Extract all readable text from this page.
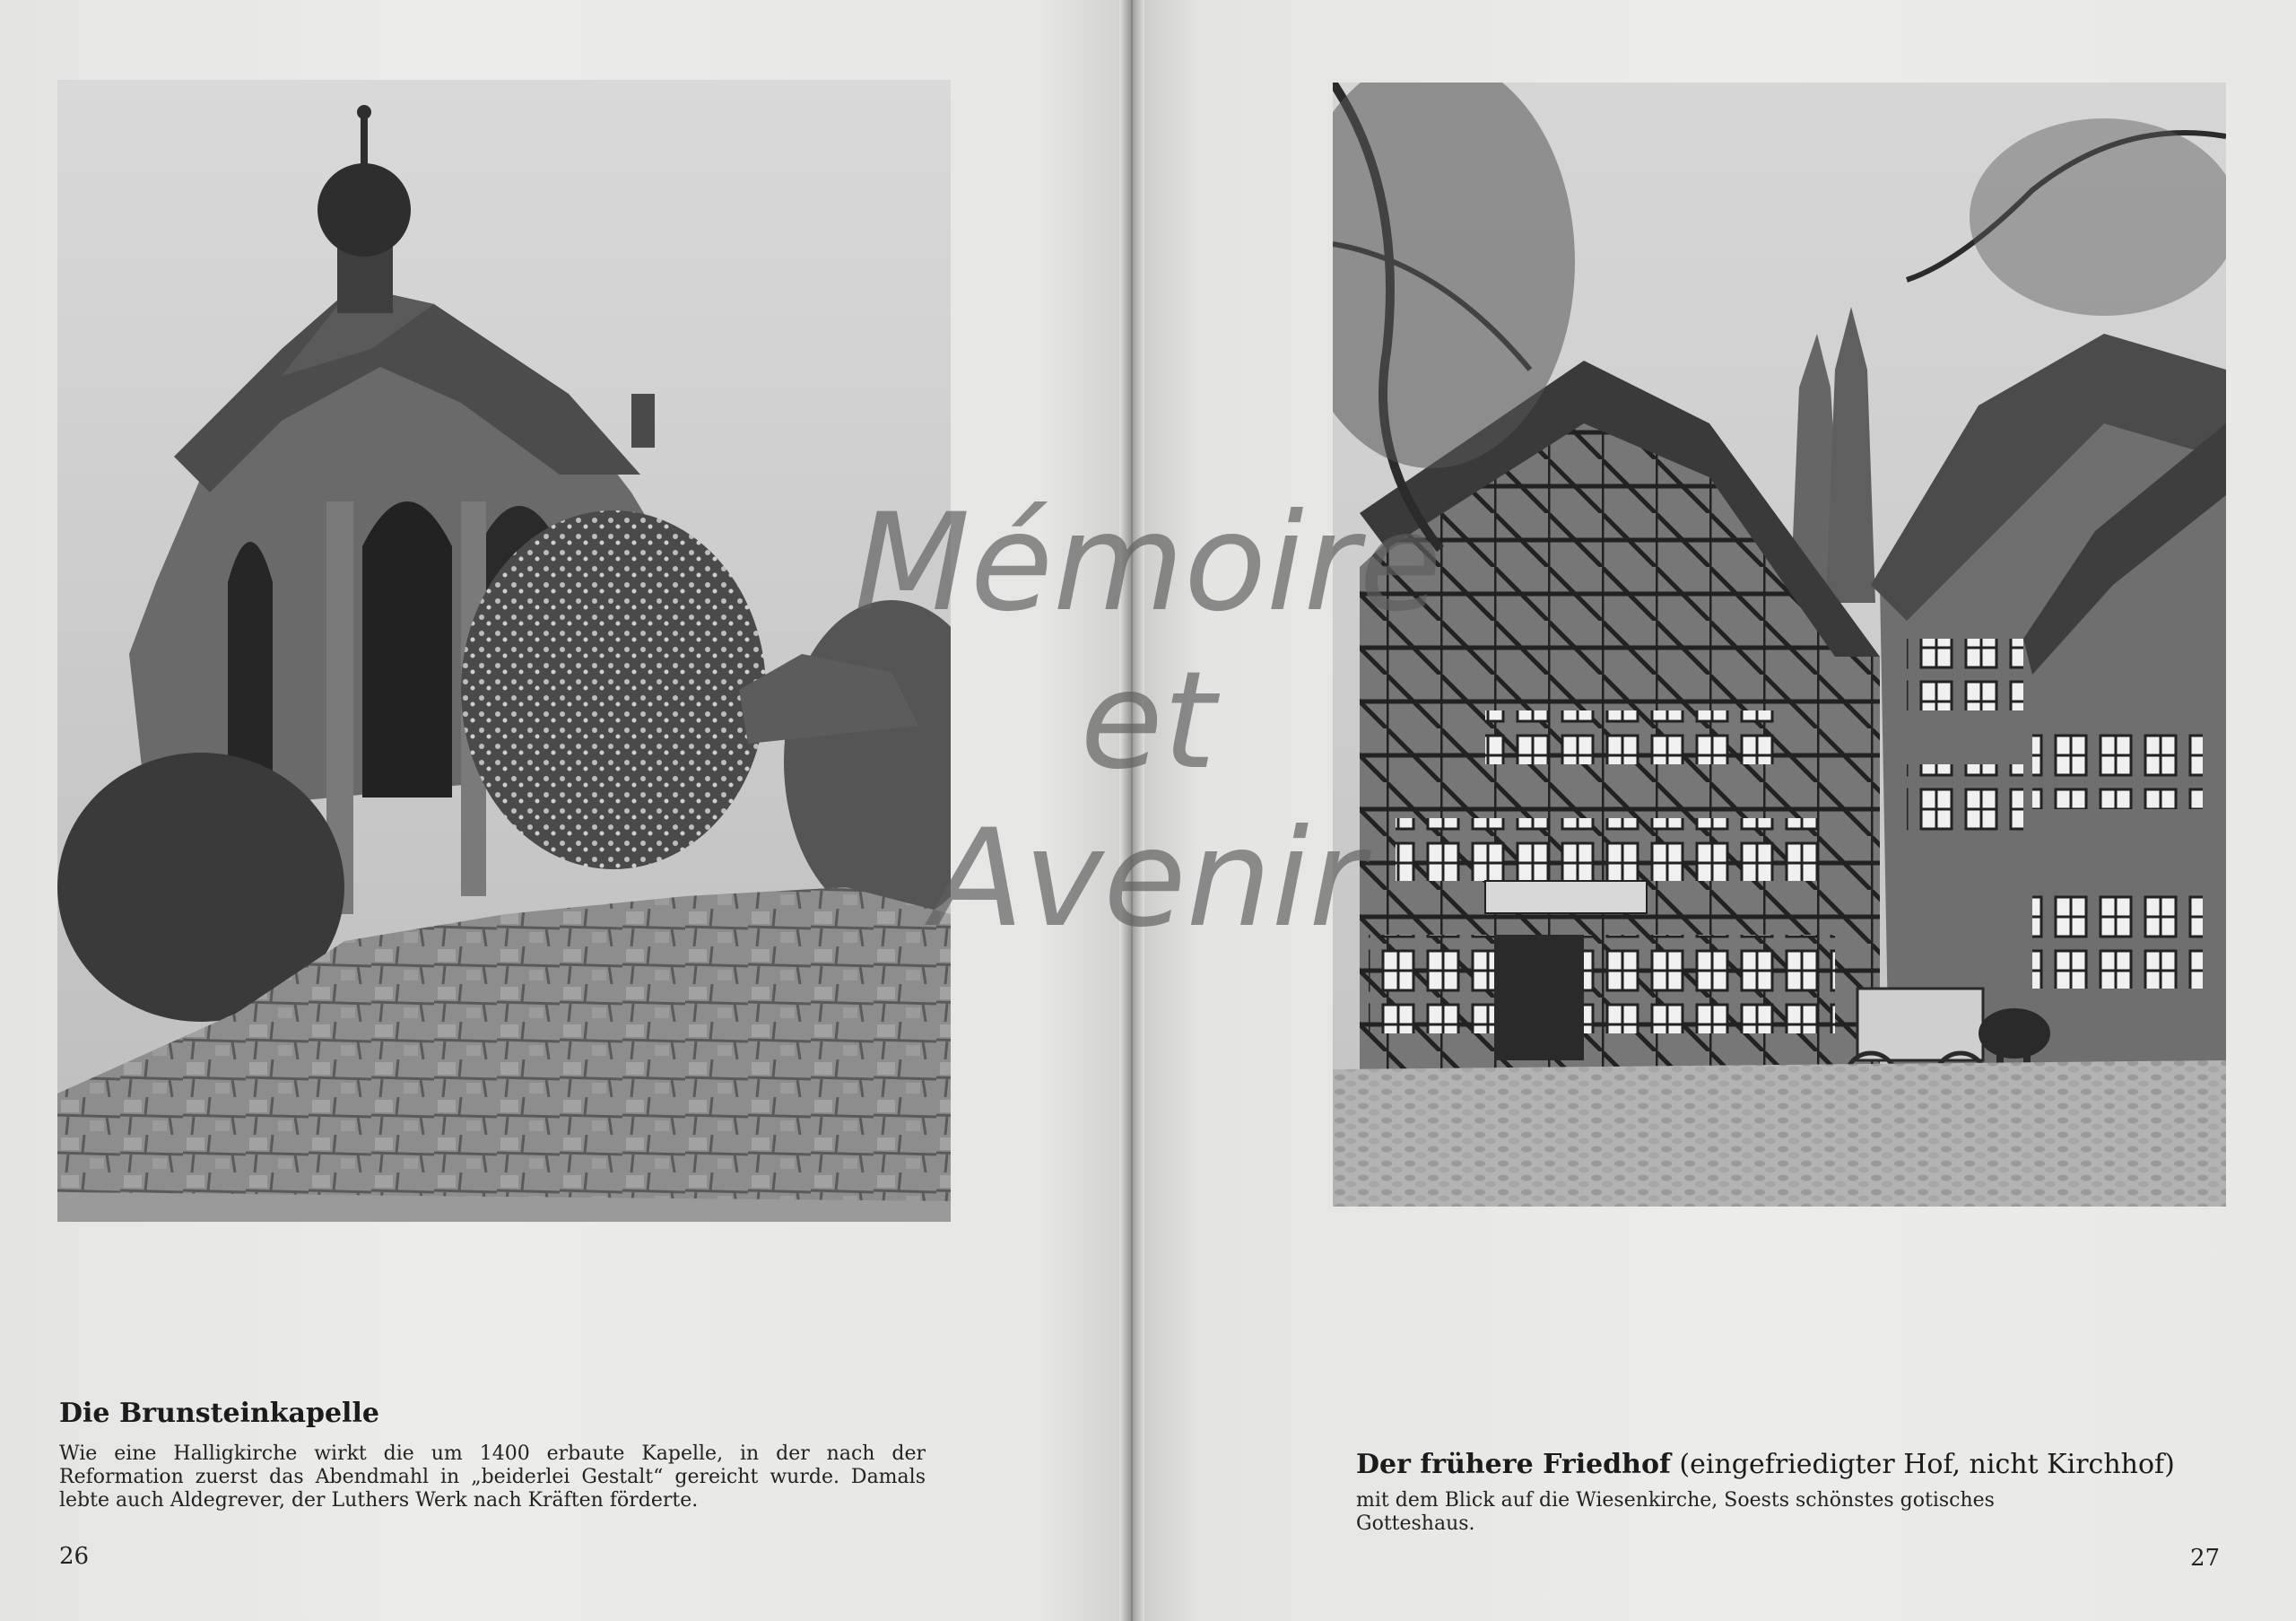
Die Brunsteinkapelle
Wie eine Halligkirche wirkt die um 1400 erbaute Kapelle, in der nach der Reformation zuerst das Abendmahl in „beiderlei Gestalt“ gereicht wurde. Damals lebte auch Aldegrever, der Luthers Werk nach Kräften förderte.
26
Der frühere Friedhof (eingefriedigter Hof, nicht Kirchhof)
mit dem Blick auf die Wiesenkirche, Soests schönstes gotisches Gotteshaus.
27
Mémoire
et
Avenir
